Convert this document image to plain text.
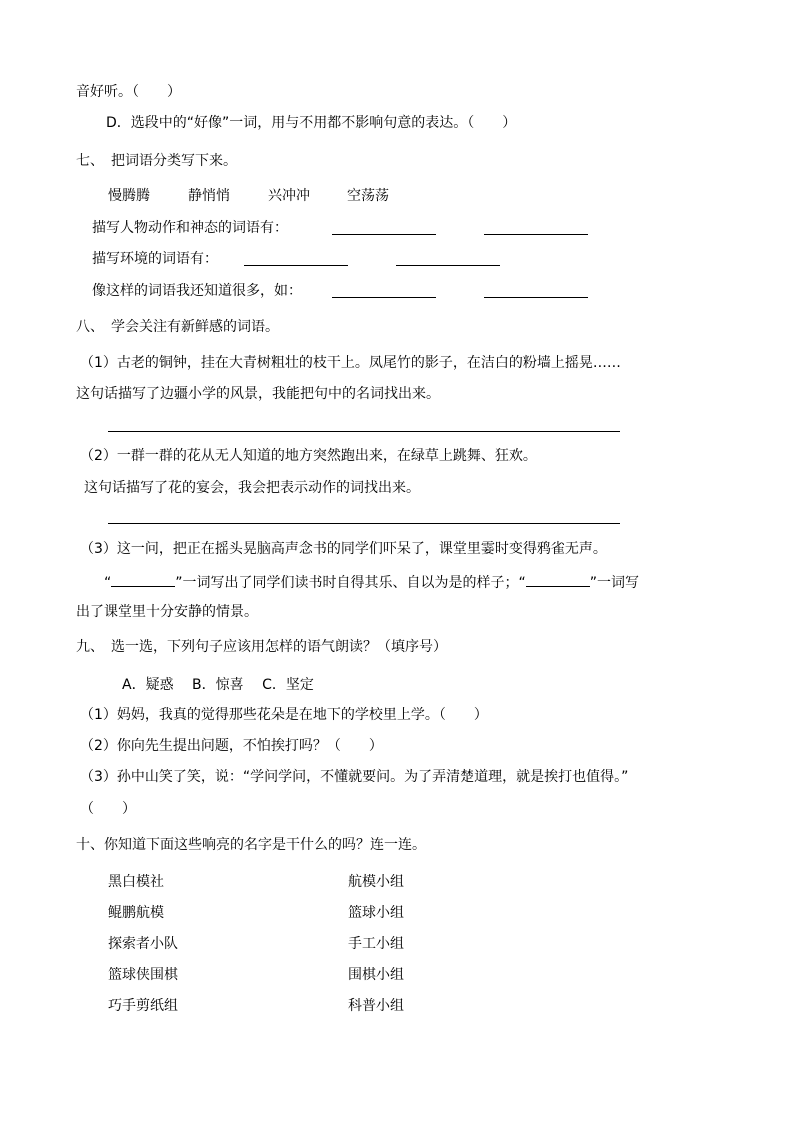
音好听。（　　）
D．选段中的“好像”一词，用与不用都不影响句意的表达。（　　）
七、　把词语分类写下来。
慢腾腾	静悄悄	兴冲冲	空荡荡
描写人物动作和神态的词语有：
描写环境的词语有：
像这样的词语我还知道很多，如：
八、　学会关注有新鲜感的词语。
（1）古老的铜钟，挂在大青树粗壮的枝干上。凤尾竹的影子，在洁白的粉墙上摇晃……
这句话描写了边疆小学的风景，我能把句中的名词找出来。
（2）一群一群的花从无人知道的地方突然跑出来，在绿草上跳舞、狂欢。
这句话描写了花的宴会，我会把表示动作的词找出来。
（3）这一问，把正在摇头晃脑高声念书的同学们吓呆了，课堂里霎时变得鸦雀无声。
“	”一词写出了同学们读书时自得其乐、自以为是的样子；“	”一词写
出了课堂里十分安静的情景。
九、　选一选，下列句子应该用怎样的语气朗读？（填序号）
A．疑惑　 B．惊喜　 C．坚定
（1）妈妈，我真的觉得那些花朵是在地下的学校里上学。（　　）
（2）你向先生提出问题，不怕挨打吗？（　　）
（3）孙中山笑了笑，说：“学问学问，不懂就要问。为了弄清楚道理，就是挨打也值得。”
（　　）
十、你知道下面这些响亮的名字是干什么的吗？连一连。
黑白模社
鲲鹏航模
探索者小队
篮球侠围棋
巧手剪纸组
航模小组
篮球小组
手工小组
围棋小组
科普小组
